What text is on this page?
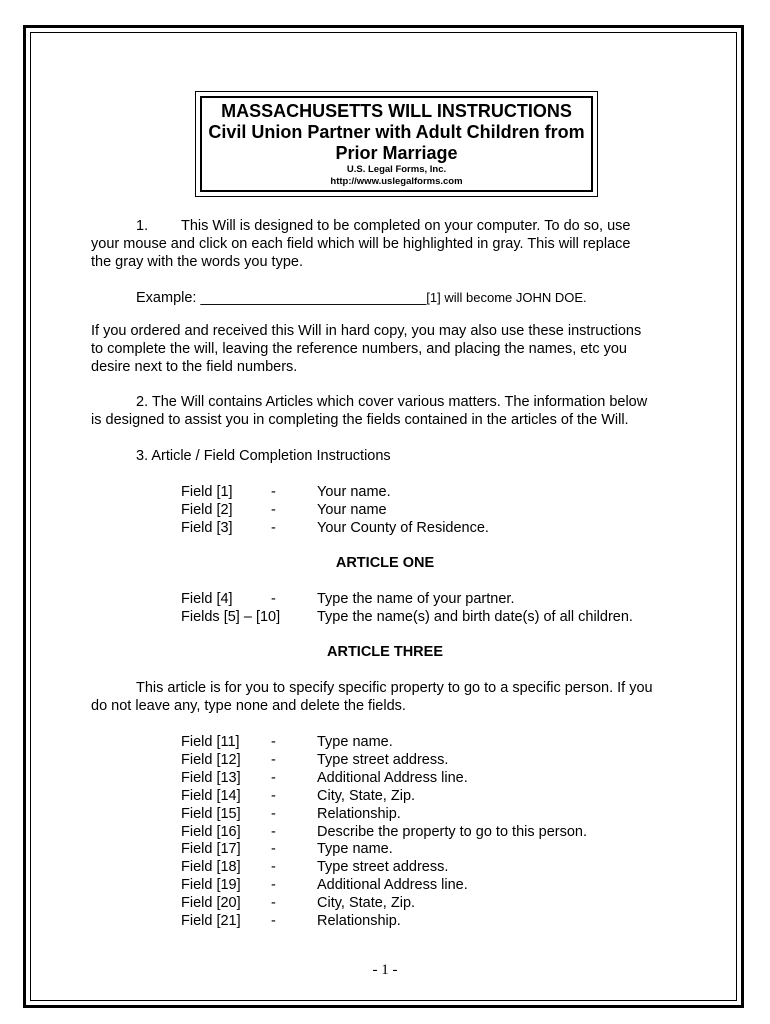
MASSACHUSETTS WILL INSTRUCTIONS
Civil Union Partner with Adult Children from
Prior Marriage
U.S. Legal Forms, Inc.
http://www.uslegalforms.com
1. This Will is designed to be completed on your computer. To do so, use
your mouse and click on each field which will be highlighted in gray. This will replace
the gray with the words you type.
Example: ____________________________[1] will become JOHN DOE.
If you ordered and received this Will in hard copy, you may also use these instructions
to complete the will, leaving the reference numbers, and placing the names, etc you
desire next to the field numbers.
2. The Will contains Articles which cover various matters. The information below
is designed to assist you in completing the fields contained in the articles of the Will.
3. Article / Field Completion Instructions
Field [1]	-	Your name.
Field [2]	-	Your name
Field [3]	-	Your County of Residence.
ARTICLE ONE
Field [4]	-	Type the name of your partner.
Fields [5] – [10]	Type the name(s) and birth date(s) of all children.
ARTICLE THREE
This article is for you to specify specific property to go to a specific person. If you
do not leave any, type none and delete the fields.
Field [11] -	Type name.
Field [12] -	Type street address.
Field [13] -	Additional Address line.
Field [14] -	City, State, Zip.
Field [15] -	Relationship.
Field [16] -	Describe the property to go to this person.
Field [17] -	Type name.
Field [18] -	Type street address.
Field [19] -	Additional Address line.
Field [20] -	City, State, Zip.
Field [21] -	Relationship.
- 1 -
